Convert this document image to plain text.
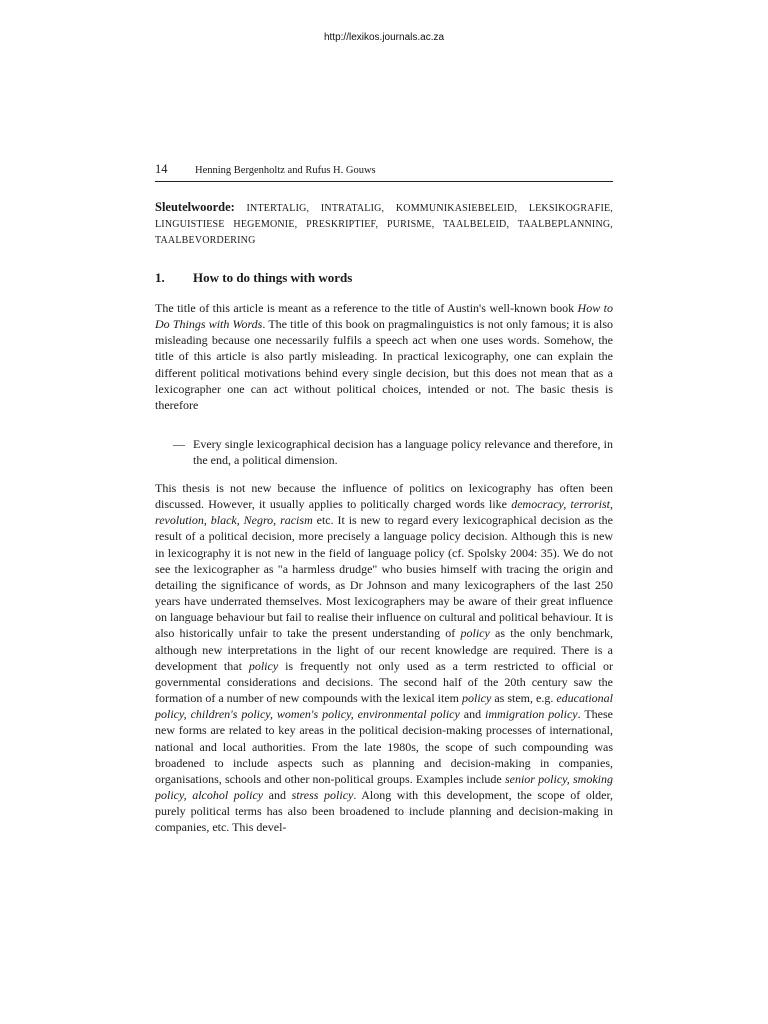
http://lexikos.journals.ac.za
14	Henning Bergenholtz and Rufus H. Gouws
Sleutelwoorde: INTERTALIG, INTRATALIG, KOMMUNIKASIEBELEID, LEKSIKOGRAFIE, LINGUISTIESE HEGEMONIE, PRESKRIPTIEF, PURISME, TAALBELEID, TAALBEPLANNING, TAALBEVORDERING
1. How to do things with words

The title of this article is meant as a reference to the title of Austin's well-known book How to Do Things with Words. The title of this book on pragmalinguistics is not only famous; it is also misleading because one necessarily fulfils a speech act when one uses words. Somehow, the title of this article is also partly misleading. In practical lexicography, one can explain the different political motivations behind every single decision, but this does not mean that as a lexicographer one can act without political choices, intended or not. The basic thesis is therefore

— Every single lexicographical decision has a language policy relevance and therefore, in the end, a political dimension.

This thesis is not new because the influence of politics on lexicography has often been discussed. However, it usually applies to politically charged words like democracy, terrorist, revolution, black, Negro, racism etc. It is new to regard every lexicographical decision as the result of a political decision, more precisely a language policy decision. Although this is new in lexicography it is not new in the field of language policy (cf. Spolsky 2004: 35). We do not see the lexicographer as "a harmless drudge" who busies himself with tracing the origin and detailing the significance of words, as Dr Johnson and many lexicographers of the last 250 years have underrated themselves. Most lexicographers may be aware of their great influence on language behaviour but fail to realise their influence on cultural and political behaviour. It is also historically unfair to take the present understanding of policy as the only benchmark, although new interpretations in the light of our recent knowledge are required. There is a development that policy is frequently not only used as a term restricted to official or governmental considerations and decisions. The second half of the 20th century saw the formation of a number of new compounds with the lexical item policy as stem, e.g. educational policy, children's policy, women's policy, environmental policy and immigration policy. These new forms are related to key areas in the political decision-making processes of international, national and local authorities. From the late 1980s, the scope of such compounding was broadened to include aspects such as planning and decision-making in companies, organisations, schools and other non-political groups. Examples include senior policy, smoking policy, alcohol policy and stress policy. Along with this development, the scope of older, purely political terms has also been broadened to include planning and decision-making in companies, etc. This devel-
